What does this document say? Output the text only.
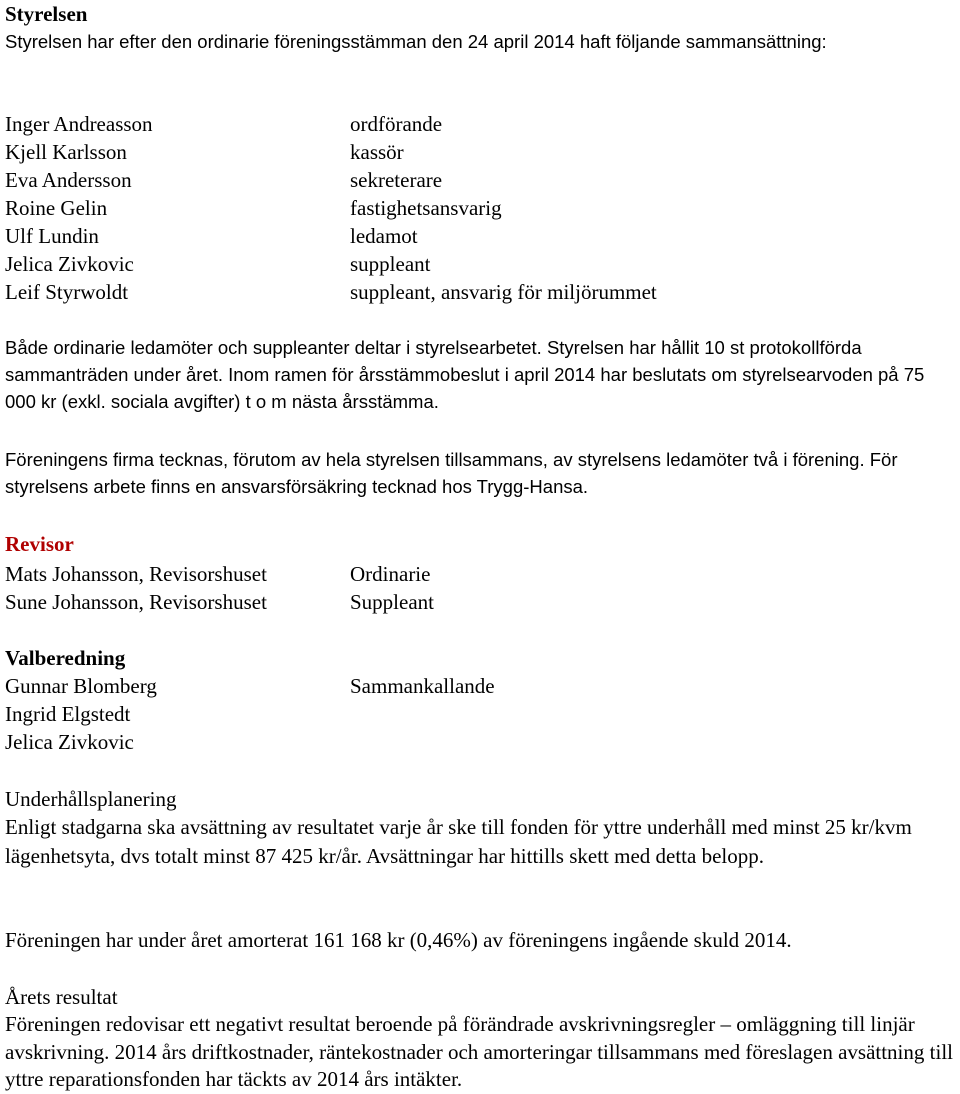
Styrelsen

Styrelsen har efter den ordinarie föreningsstämman den 24 april 2014 haft följande sammansättning:

Inger Andreasson	ordförande
Kjell Karlsson	kassör
Eva Andersson	sekreterare
Roine Gelin	fastighetsansvarig
Ulf Lundin	ledamot
Jelica Zivkovic	suppleant
Leif Styrwoldt	suppleant, ansvarig för miljörummet

Både ordinarie ledamöter och suppleanter deltar i styrelsearbetet. Styrelsen har hållit 10 st protokollförda sammanträden under året. Inom ramen för årsstämmobeslut i april 2014 har beslutats om styrelsearvoden på 75 000 kr (exkl. sociala avgifter) t o m nästa årsstämma.

Föreningens firma tecknas, förutom av hela styrelsen tillsammans, av styrelsens ledamöter två i förening. För styrelsens arbete finns en ansvarsförsäkring tecknad hos Trygg-Hansa.

Revisor
Mats Johansson, Revisorshuset	Ordinarie
Sune Johansson, Revisorshuset	Suppleant
Valberedning
Gunnar Blomberg	Sammankallande
Ingrid Elgstedt
Jelica Zivkovic
Underhållsplanering

Enligt stadgarna ska avsättning av resultatet varje år ske till fonden för yttre underhåll med minst 25 kr/kvm lägenhetsyta, dvs totalt minst 87 425 kr/år. Avsättningar har hittills skett med detta belopp.

Föreningen har under året amorterat 161 168 kr (0,46%) av föreningens ingående skuld 2014.

Årets resultat

Föreningen redovisar ett negativt resultat beroende på förändrade avskrivningsregler – omläggning till linjär avskrivning. 2014 års driftkostnader, räntekostnader och amorteringar tillsammans med föreslagen avsättning till yttre reparationsfonden har täckts av 2014 års intäkter.
